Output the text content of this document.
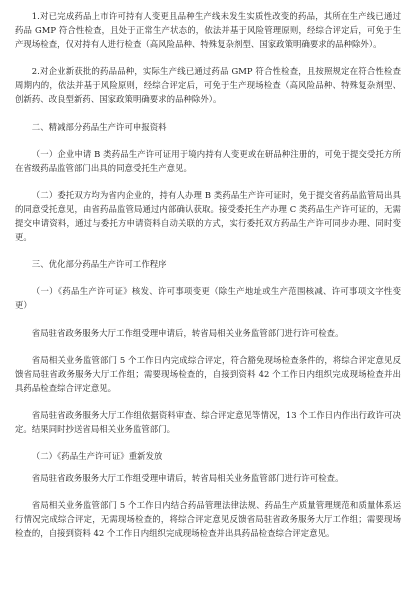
1.对已完成药品上市许可持有人变更且品种生产线未发生实质性改变的药品，其所在生产线已通过药品 GMP 符合性检查，且处于正常生产状态的，依法并基于风险管理原则，经综合评定后，可免于生产现场检查，仅对持有人进行检查（高风险品种、特殊复杂剂型、国家政策明确要求的品种除外）。

2.对企业新获批的药品品种，实际生产线已通过药品 GMP 符合性检查，且按照规定在符合性检查周期内的，依法并基于风险原则，经综合评定后，可免于生产现场检查（高风险品种、特殊复杂剂型、创新药、改良型新药、国家政策明确要求的品种除外）。

二、精减部分药品生产许可申报资料

（一）企业申请 B 类药品生产许可证用于境内持有人变更或在研品种注册的，可免于提交受托方所在省级药品监管部门出具的同意受托生产意见。

（二）委托双方均为省内企业的，持有人办理 B 类药品生产许可证时，免于提交省药品监管局出具的同意受托意见，由省药品监管局通过内部确认获取。接受委托生产办理 C 类药品生产许可证的，无需提交申请资料，通过与委托方申请资料自动关联的方式，实行委托双方药品生产许可同步办理、同时变更。

三、优化部分药品生产许可工作程序

（一）《药品生产许可证》核发、许可事项变更（除生产地址或生产范围核减、许可事项文字性变更）

省局驻省政务服务大厅工作组受理申请后，转省局相关业务监管部门进行许可检查。

省局相关业务监管部门 5 个工作日内完成综合评定，符合豁免现场检查条件的，将综合评定意见反馈省局驻省政务服务大厅工作组；需要现场检查的，自接到资料 42 个工作日内组织完成现场检查并出具药品检查综合评定意见。

省局驻省政务服务大厅工作组依据资料审查、综合评定意见等情况，13 个工作日内作出行政许可决定。结果同时抄送省局相关业务监管部门。

（二）《药品生产许可证》重新发放

省局驻省政务服务大厅工作组受理申请后，转省局相关业务监管部门进行许可检查。

省局相关业务监管部门 5 个工作日内结合药品管理法律法规、药品生产质量管理规范和质量体系运行情况完成综合评定，无需现场检查的，将综合评定意见反馈省局驻省政务服务大厅工作组；需要现场检查的，自接到资料 42 个工作日内组织完成现场检查并出具药品检查综合评定意见。
